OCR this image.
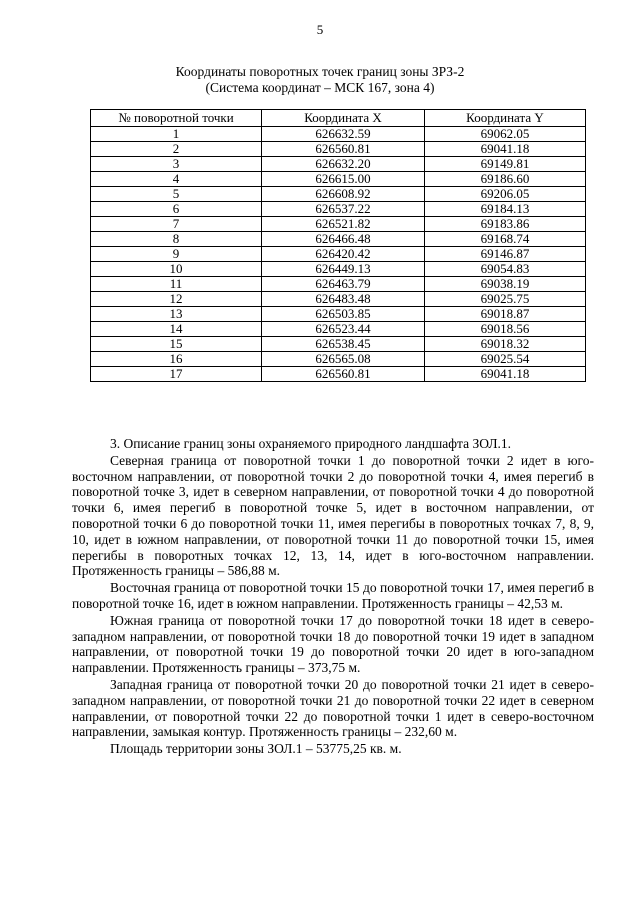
5
Координаты поворотных точек границ зоны ЗРЗ-2
(Система координат – МСК 167, зона 4)
№ поворотной точки	Координата X	Координата Y
1	626632.59	69062.05
2	626560.81	69041.18
3	626632.20	69149.81
4	626615.00	69186.60
5	626608.92	69206.05
6	626537.22	69184.13
7	626521.82	69183.86
8	626466.48	69168.74
9	626420.42	69146.87
10	626449.13	69054.83
11	626463.79	69038.19
12	626483.48	69025.75
13	626503.85	69018.87
14	626523.44	69018.56
15	626538.45	69018.32
16	626565.08	69025.54
17	626560.81	69041.18

3. Описание границ зоны охраняемого природного ландшафта ЗОЛ.1.

Северная граница от поворотной точки 1 до поворотной точки 2 идет в юго-восточном направлении, от поворотной точки 2 до поворотной точки 4, имея перегиб в поворотной точке 3, идет в северном направлении, от поворотной точки 4 до поворотной точки 6, имея перегиб в поворотной точке 5, идет в восточном направлении, от поворотной точки 6 до поворотной точки 11, имея перегибы в поворотных точках 7, 8, 9, 10, идет в южном направлении, от поворотной точки 11 до поворотной точки 15, имея перегибы в поворотных точках 12, 13, 14, идет в юго-восточном направлении. Протяженность границы – 586,88 м.

Восточная граница от поворотной точки 15 до поворотной точки 17, имея перегиб в поворотной точке 16, идет в южном направлении. Протяженность границы – 42,53 м.

Южная граница от поворотной точки 17 до поворотной точки 18 идет в северо-западном направлении, от поворотной точки 18 до поворотной точки 19 идет в западном направлении, от поворотной точки 19 до поворотной точки 20 идет в юго-западном направлении. Протяженность границы – 373,75 м.

Западная граница от поворотной точки 20 до поворотной точки 21 идет в северо-западном направлении, от поворотной точки 21 до поворотной точки 22 идет в северном направлении, от поворотной точки 22 до поворотной точки 1 идет в северо-восточном направлении, замыкая контур. Протяженность границы – 232,60 м.

Площадь территории зоны ЗОЛ.1 – 53775,25 кв. м.
